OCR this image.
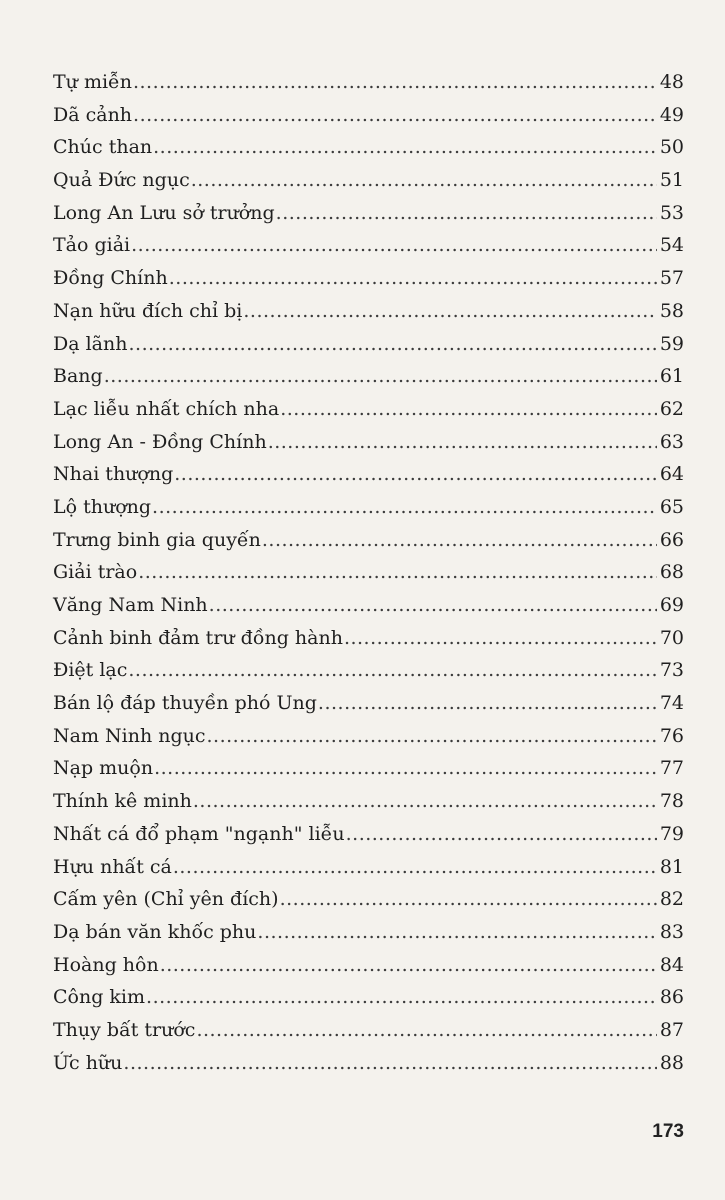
Tự miễn .....	48
Dã cảnh .....	49
Chúc than .....	50
Quả Đức ngục .....	51
Long An Lưu sở trưởng .....	53
Tảo giải .....	54
Đồng Chính .....	57
Nạn hữu đích chỉ bị .....	58
Dạ lãnh .....	59
Bang .....	61
Lạc liễu nhất chích nha .....	62
Long An - Đồng Chính .....	63
Nhai thượng .....	64
Lộ thượng .....	65
Trưng binh gia quyến .....	66
Giải trào .....	68
Văng Nam Ninh .....	69
Cảnh binh đảm trư đồng hành .....	70
Điệt lạc .....	73
Bán lộ đáp thuyền phó Ung .....	74
Nam Ninh ngục .....	76
Nạp muộn .....	77
Thính kê minh .....	78
Nhất cá đổ phạm "ngạnh" liễu .....	79
Hựu nhất cá .....	81
Cấm yên (Chỉ yên đích) .....	82
Dạ bán văn khốc phu .....	83
Hoàng hôn .....	84
Công kim .....	86
Thụy bất trước .....	87
Ức hữu .....	88
173
